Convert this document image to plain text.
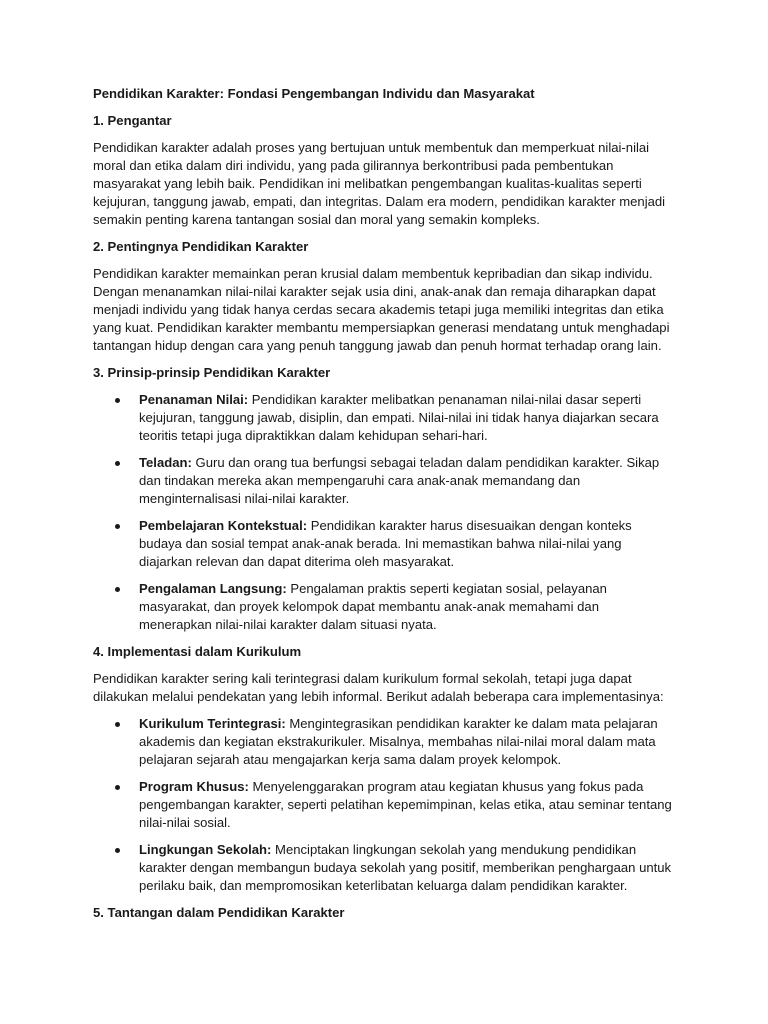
Pendidikan Karakter: Fondasi Pengembangan Individu dan Masyarakat
1. Pengantar

Pendidikan karakter adalah proses yang bertujuan untuk membentuk dan memperkuat nilai-nilai moral dan etika dalam diri individu, yang pada gilirannya berkontribusi pada pembentukan masyarakat yang lebih baik. Pendidikan ini melibatkan pengembangan kualitas-kualitas seperti kejujuran, tanggung jawab, empati, dan integritas. Dalam era modern, pendidikan karakter menjadi semakin penting karena tantangan sosial dan moral yang semakin kompleks.

2. Pentingnya Pendidikan Karakter

Pendidikan karakter memainkan peran krusial dalam membentuk kepribadian dan sikap individu. Dengan menanamkan nilai-nilai karakter sejak usia dini, anak-anak dan remaja diharapkan dapat menjadi individu yang tidak hanya cerdas secara akademis tetapi juga memiliki integritas dan etika yang kuat. Pendidikan karakter membantu mempersiapkan generasi mendatang untuk menghadapi tantangan hidup dengan cara yang penuh tanggung jawab dan penuh hormat terhadap orang lain.

3. Prinsip-prinsip Pendidikan Karakter
Penanaman Nilai: Pendidikan karakter melibatkan penanaman nilai-nilai dasar seperti kejujuran, tanggung jawab, disiplin, dan empati. Nilai-nilai ini tidak hanya diajarkan secara teoritis tetapi juga dipraktikkan dalam kehidupan sehari-hari.
Teladan: Guru dan orang tua berfungsi sebagai teladan dalam pendidikan karakter. Sikap dan tindakan mereka akan mempengaruhi cara anak-anak memandang dan menginternalisasi nilai-nilai karakter.
Pembelajaran Kontekstual: Pendidikan karakter harus disesuaikan dengan konteks budaya dan sosial tempat anak-anak berada. Ini memastikan bahwa nilai-nilai yang diajarkan relevan dan dapat diterima oleh masyarakat.
Pengalaman Langsung: Pengalaman praktis seperti kegiatan sosial, pelayanan masyarakat, dan proyek kelompok dapat membantu anak-anak memahami dan menerapkan nilai-nilai karakter dalam situasi nyata.
4. Implementasi dalam Kurikulum

Pendidikan karakter sering kali terintegrasi dalam kurikulum formal sekolah, tetapi juga dapat dilakukan melalui pendekatan yang lebih informal. Berikut adalah beberapa cara implementasinya:

Kurikulum Terintegrasi: Mengintegrasikan pendidikan karakter ke dalam mata pelajaran akademis dan kegiatan ekstrakurikuler. Misalnya, membahas nilai-nilai moral dalam mata pelajaran sejarah atau mengajarkan kerja sama dalam proyek kelompok.
Program Khusus: Menyelenggarakan program atau kegiatan khusus yang fokus pada pengembangan karakter, seperti pelatihan kepemimpinan, kelas etika, atau seminar tentang nilai-nilai sosial.
Lingkungan Sekolah: Menciptakan lingkungan sekolah yang mendukung pendidikan karakter dengan membangun budaya sekolah yang positif, memberikan penghargaan untuk perilaku baik, dan mempromosikan keterlibatan keluarga dalam pendidikan karakter.
5. Tantangan dalam Pendidikan Karakter
